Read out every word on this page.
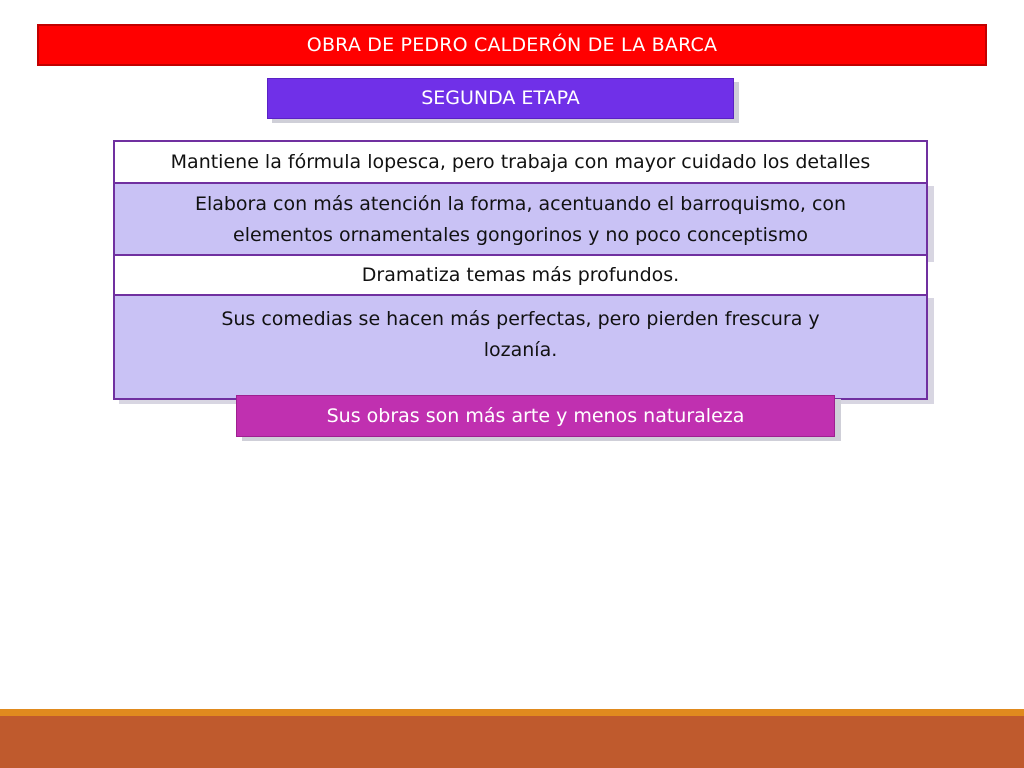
OBRA DE PEDRO CALDERÓN DE LA BARCA
SEGUNDA ETAPA
Mantiene la fórmula lopesca, pero trabaja con mayor cuidado los detalles
Elabora con más atención la forma, acentuando el barroquismo, con elementos ornamentales gongorinos y no poco conceptismo
Dramatiza temas más profundos.
Sus comedias se hacen más perfectas, pero pierden frescura y lozanía.
Sus obras son más arte y menos naturaleza
